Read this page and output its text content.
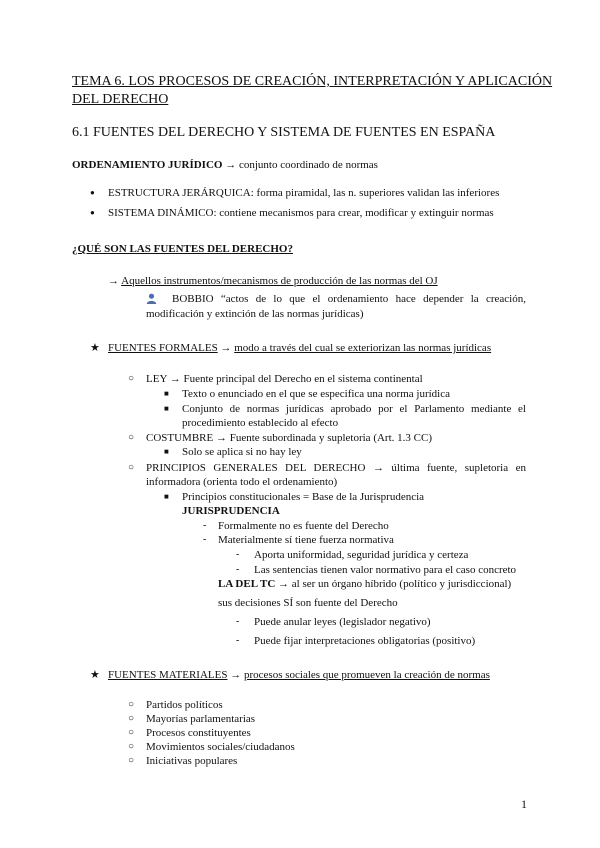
TEMA 6. LOS PROCESOS DE CREACIÓN, INTERPRETACIÓN Y APLICACIÓN
DEL DERECHO
6.1 FUENTES DEL DERECHO Y SISTEMA DE FUENTES EN ESPAÑA
ORDENAMIENTO JURÍDICO → conjunto coordinado de normas
● ESTRUCTURA JERÁRQUICA: forma piramidal, las n. superiores validan las inferiores
● SISTEMA DINÁMICO: contiene mecanismos para crear, modificar y extinguir normas
¿QUÉ SON LAS FUENTES DEL DERECHO?
→ Aquellos instrumentos/mecanismos de producción de las normas del OJ
BOBBIO “actos de lo que el ordenamiento hace depender la creación,
modificación y extinción de las normas jurídicas)
★ FUENTES FORMALES → modo a través del cual se exteriorizan las normas jurídicas
○ LEY → Fuente principal del Derecho en el sistema continental
■ Texto o enunciado en el que se especifica una norma jurídica
■ Conjunto de normas jurídicas aprobado por el Parlamento mediante el
procedimiento establecido al efecto
○ COSTUMBRE → Fuente subordinada y supletoria (Art. 1.3 CC)
■ Solo se aplica si no hay ley
○ PRINCIPIOS GENERALES DEL DERECHO → última fuente, supletoria en
informadora (orienta todo el ordenamiento)
■ Principios constitucionales = Base de la Jurisprudencia
JURISPRUDENCIA
- Formalmente no es fuente del Derecho
- Materialmente sí tiene fuerza normativa
- Aporta uniformidad, seguridad jurídica y certeza
- Las sentencias tienen valor normativo para el caso concreto
LA DEL TC → al ser un órgano híbrido (político y jurisdiccional)
sus decisiones SÍ son fuente del Derecho
- Puede anular leyes (legislador negativo)
- Puede fijar interpretaciones obligatorias (positivo)
★ FUENTES MATERIALES → procesos sociales que promueven la creación de normas
○ Partidos políticos
○ Mayorías parlamentarias
○ Procesos constituyentes
○ Movimientos sociales/ciudadanos
○ Iniciativas populares
1
